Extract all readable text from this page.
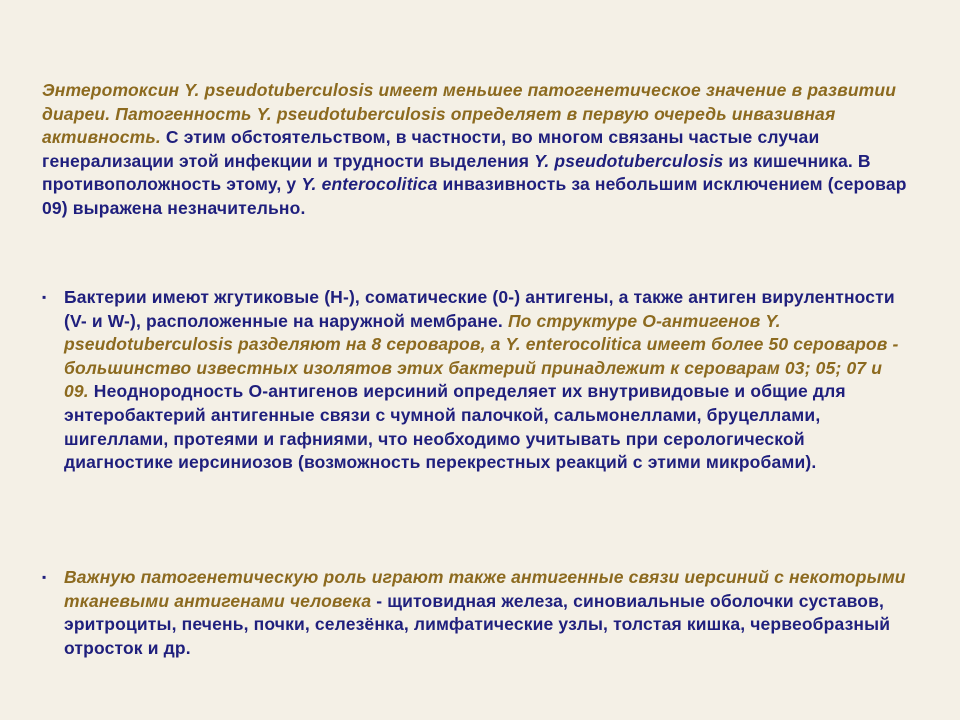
Энтеротоксин Y. pseudotuberculosis имеет меньшее патогенетическое значение в развитии диареи. Патогенность Y. pseudotuberculosis определяет в первую очередь инвазивная активность. С этим обстоятельством, в частности, во многом связаны частые случаи генерализации этой инфекции и трудности выделения Y. pseudotuberculosis из кишечника. В противоположность этому, у Y. enterocolitica инвазивность за небольшим исключением (серовар 09) выражена незначительно.
▪	Бактерии имеют жгутиковые (Н-), соматические (0-) антигены, а также антиген вирулентности (V- и W-), расположенные на наружной мембране. По структуре О-антигенов Y. pseudotuberculosis разделяют на 8 сероваров, а Y. enterocolitica имеет более 50 сероваров - большинство известных изолятов этих бактерий принадлежит к сероварам 03; 05; 07 и 09. Неоднородность О-антигенов иерсиний определяет их внутривидовые и общие для энтеробактерий антигенные связи с чумной палочкой, сальмонеллами, бруцеллами, шигеллами, протеями и гафниями, что необходимо учитывать при серологической диагностике иерсиниозов (возможность перекрестных реакций с этими микробами).
▪	Важную патогенетическую роль играют также антигенные связи иерсиний с некоторыми тканевыми антигенами человека - щитовидная железа, синовиальные оболочки суставов, эритроциты, печень, почки, селезёнка, лимфатические узлы, толстая кишка, червеобразный отросток и др.
